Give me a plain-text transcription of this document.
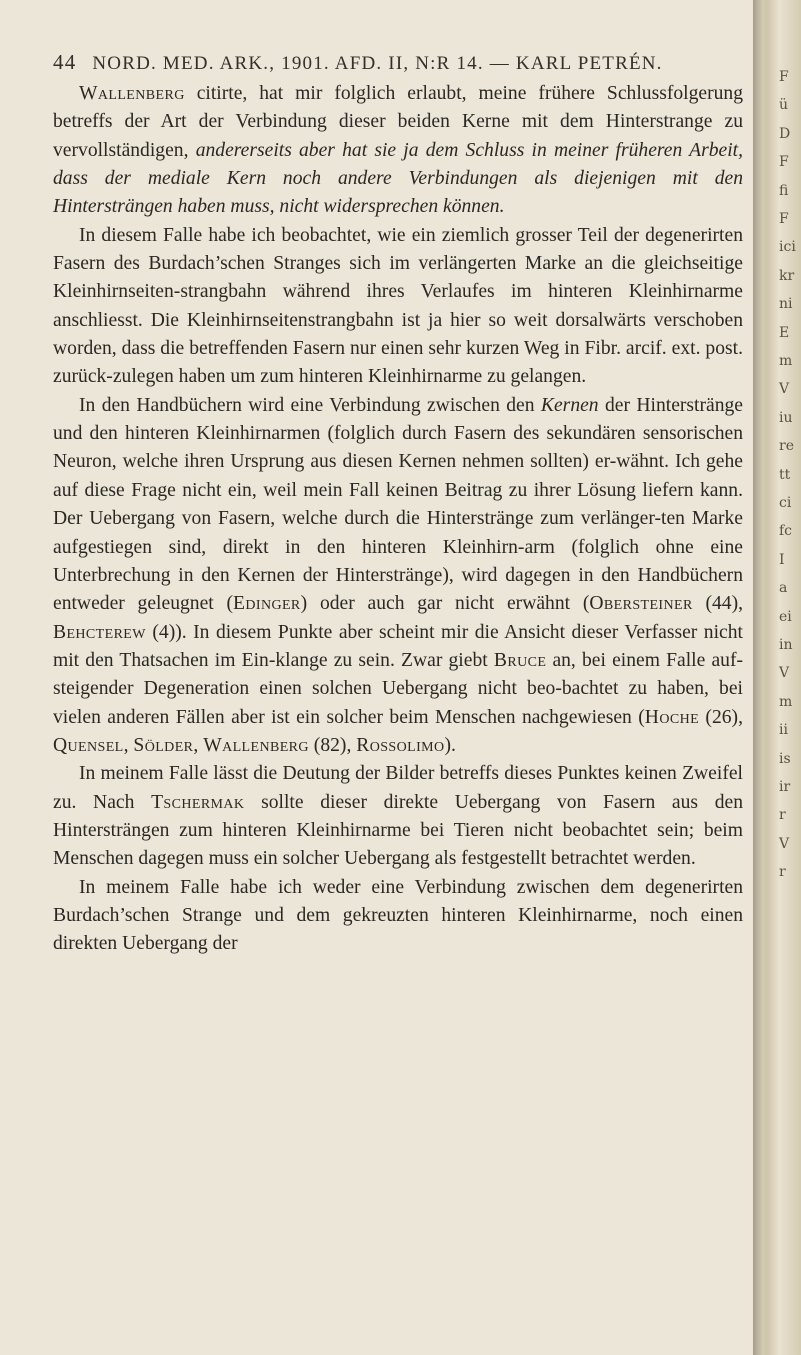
44 NORD. MED. ARK., 1901. AFD. II, N:R 14. — KARL PETRÉN.

Wallenberg citirte, hat mir folglich erlaubt, meine frühere Schlussfolgerung betreffs der Art der Verbindung dieser beiden Kerne mit dem Hinterstrange zu vervollständigen, andererseits aber hat sie ja dem Schluss in meiner früheren Arbeit, dass der mediale Kern noch andere Verbindungen als diejenigen mit den Hintersträngen haben muss, nicht widersprechen können.

In diesem Falle habe ich beobachtet, wie ein ziemlich grosser Teil der degenerirten Fasern des Burdach’schen Stranges sich im verlängerten Marke an die gleichseitige Kleinhirnseiten-strangbahn während ihres Verlaufes im hinteren Kleinhirnarme anschliesst. Die Kleinhirnseitenstrangbahn ist ja hier so weit dorsalwärts verschoben worden, dass die betreffenden Fasern nur einen sehr kurzen Weg in Fibr. arcif. ext. post. zurück-zulegen haben um zum hinteren Kleinhirnarme zu gelangen.

In den Handbüchern wird eine Verbindung zwischen den Kernen der Hinterstränge und den hinteren Kleinhirnarmen (folglich durch Fasern des sekundären sensorischen Neuron, welche ihren Ursprung aus diesen Kernen nehmen sollten) er-wähnt. Ich gehe auf diese Frage nicht ein, weil mein Fall keinen Beitrag zu ihrer Lösung liefern kann. Der Uebergang von Fasern, welche durch die Hinterstränge zum verlänger-ten Marke aufgestiegen sind, direkt in den hinteren Kleinhirn-arm (folglich ohne eine Unterbrechung in den Kernen der Hinterstränge), wird dagegen in den Handbüchern entweder geleugnet (Edinger) oder auch gar nicht erwähnt (Obersteiner (44), Behcterew (4)). In diesem Punkte aber scheint mir die Ansicht dieser Verfasser nicht mit den Thatsachen im Ein-klange zu sein. Zwar giebt Bruce an, bei einem Falle auf-steigender Degeneration einen solchen Uebergang nicht beo-bachtet zu haben, bei vielen anderen Fällen aber ist ein solcher beim Menschen nachgewiesen (Hoche (26), Quensel, Sölder, Wallenberg (82), Rossolimo).

In meinem Falle lässt die Deutung der Bilder betreffs dieses Punktes keinen Zweifel zu. Nach Tschermak sollte dieser direkte Uebergang von Fasern aus den Hintersträngen zum hinteren Kleinhirnarme bei Tieren nicht beobachtet sein; beim Menschen dagegen muss ein solcher Uebergang als festgestellt betrachtet werden.

In meinem Falle habe ich weder eine Verbindung zwischen dem degenerirten Burdach’schen Strange und dem gekreuzten hinteren Kleinhirnarme, noch einen direkten Uebergang der

F
ü
D
F
fi
F
ici
kr
ni
E
m
V
iu
re
tt
ci
fc
I
a
ei
in
V
m
ii
is
ir
r
V
r
